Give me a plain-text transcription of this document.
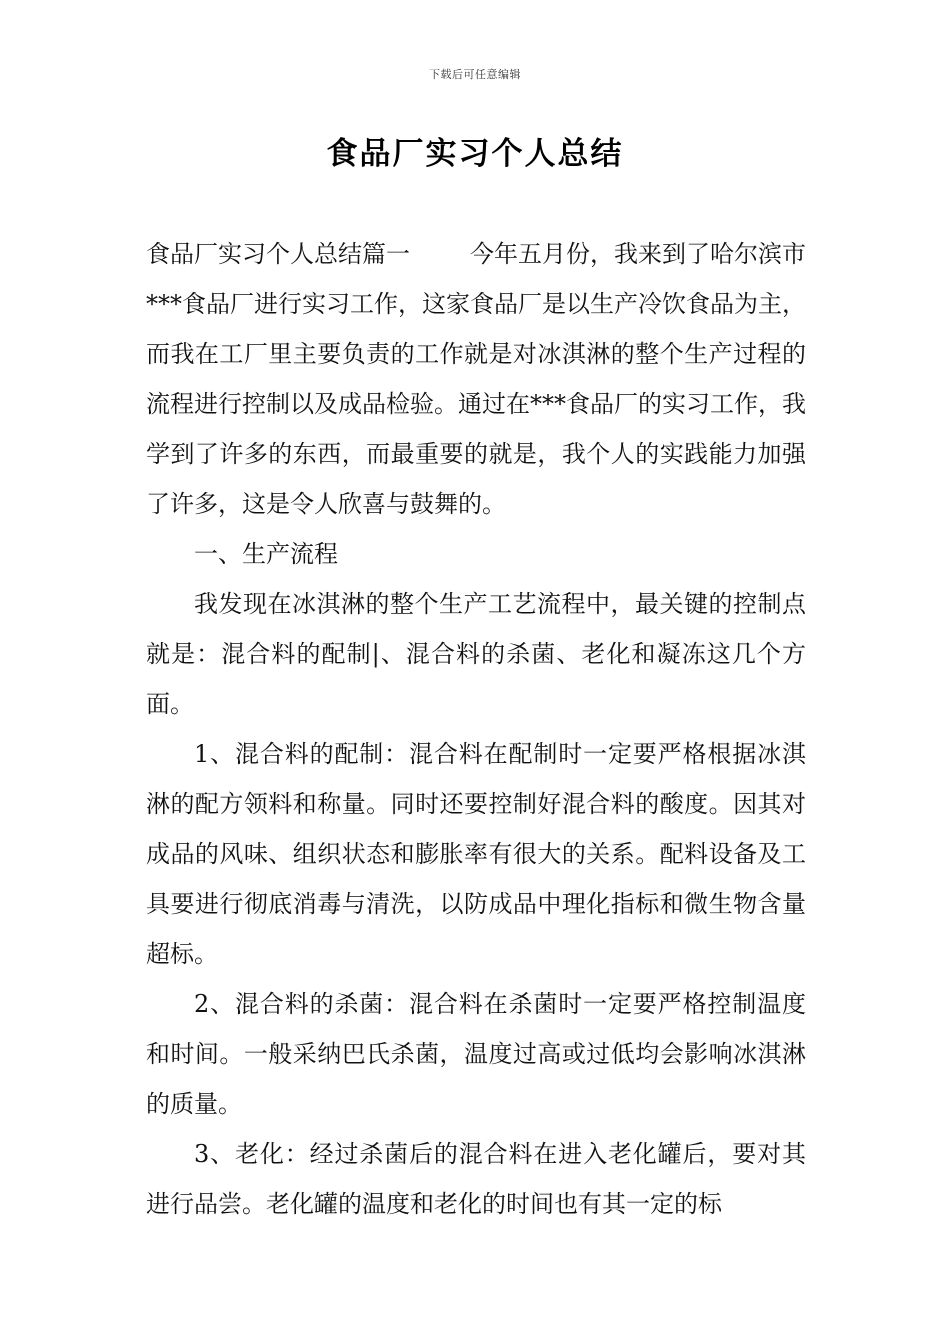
下载后可任意编辑
食品厂实习个人总结

食品厂实习个人总结篇一	今年五月份，我来到了哈尔滨市***食品厂进行实习工作，这家食品厂是以生产冷饮食品为主，而我在工厂里主要负责的工作就是对冰淇淋的整个生产过程的流程进行控制以及成品检验。通过在***食品厂的实习工作，我学到了许多的东西，而最重要的就是，我个人的实践能力加强了许多，这是令人欣喜与鼓舞的。

一、生产流程

我发现在冰淇淋的整个生产工艺流程中，最关键的控制点就是：混合料的配制|、混合料的杀菌、老化和凝冻这几个方面。

1、混合料的配制：混合料在配制时一定要严格根据冰淇淋的配方领料和称量。同时还要控制好混合料的酸度。因其对成品的风味、组织状态和膨胀率有很大的关系。配料设备及工具要进行彻底消毒与清洗，以防成品中理化指标和微生物含量超标。

2、混合料的杀菌：混合料在杀菌时一定要严格控制温度和时间。一般采纳巴氏杀菌，温度过高或过低均会影响冰淇淋的质量。

3、老化：经过杀菌后的混合料在进入老化罐后，要对其进行品尝。老化罐的温度和老化的时间也有其一定的标
